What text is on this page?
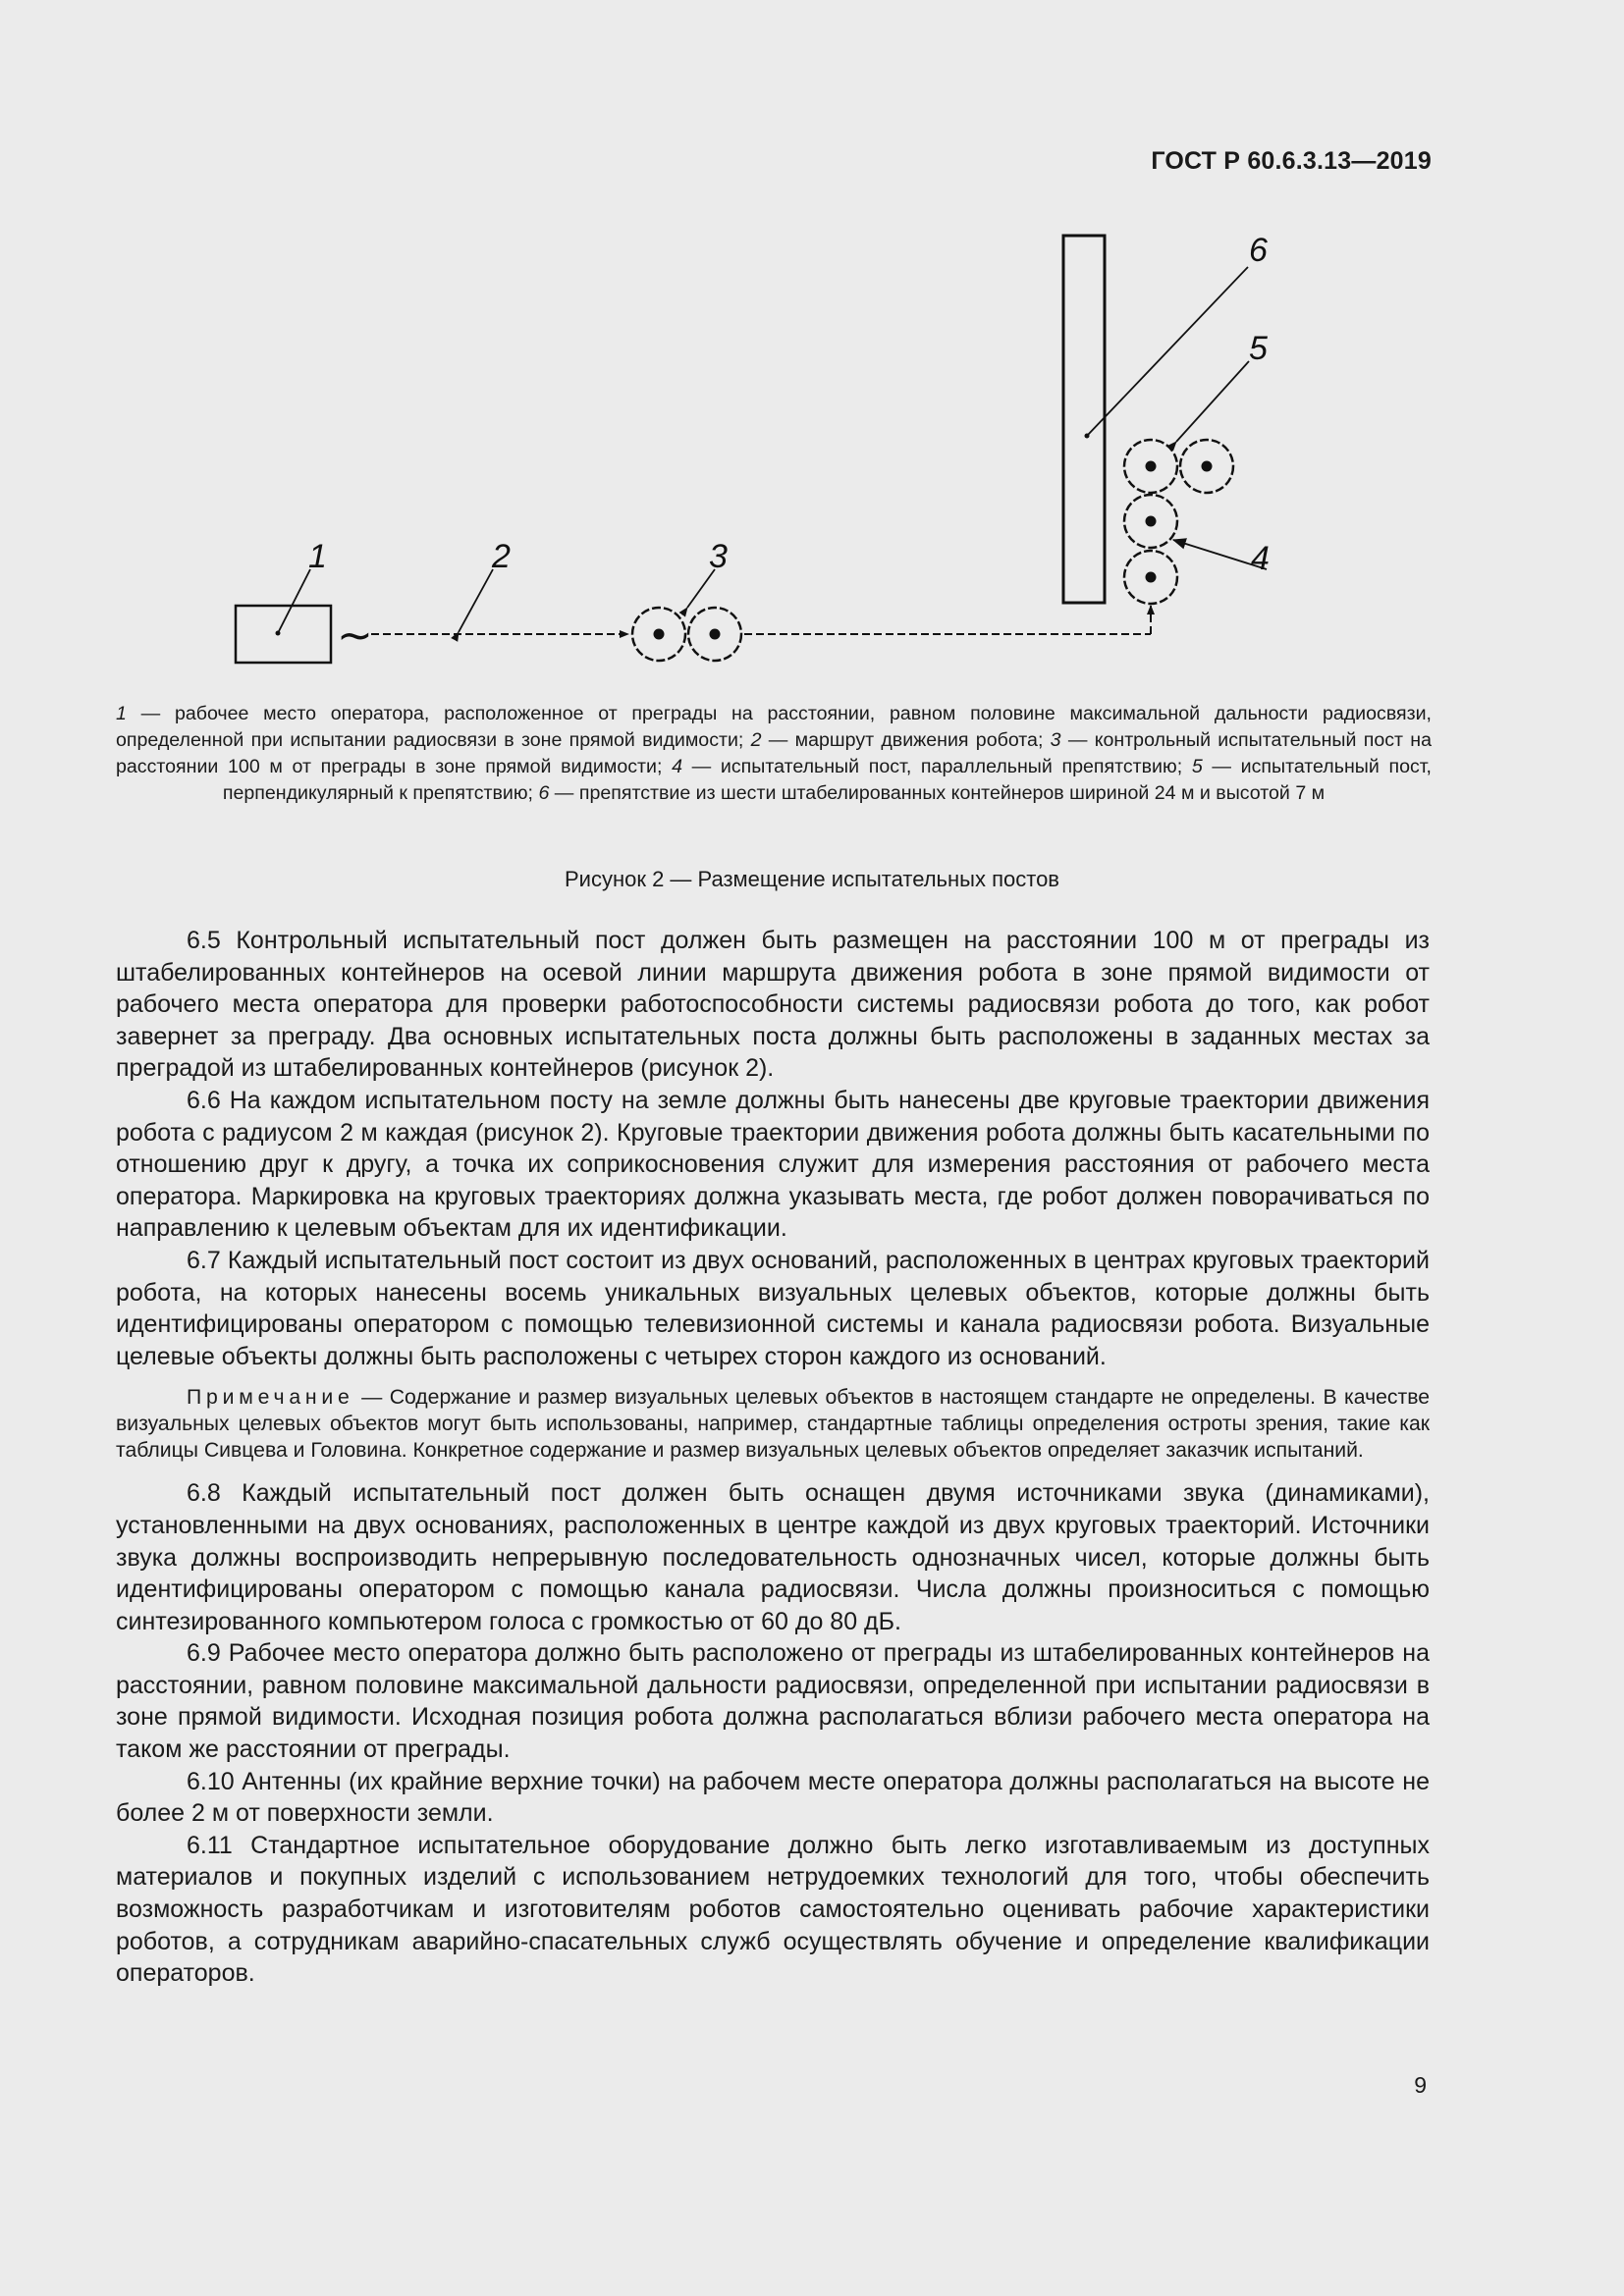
ГОСТ Р 60.6.3.13—2019
1
~
2	3
6
5
4
1 — рабочее место оператора, расположенное от преграды на расстоянии, равном половине максимальной дальности радиосвязи, определенной при испытании радиосвязи в зоне прямой видимости; 2 — маршрут движения робота; 3 — контрольный испытательный пост на расстоянии 100 м от преграды в зоне прямой видимости; 4 — испытательный пост, параллельный препятствию; 5 — испытательный пост, перпендикулярный к препятствию; 6 — препятствие из шести штабелированных контейнеров шириной 24 м и высотой 7 м
Рисунок 2 — Размещение испытательных постов

6.5 Контрольный испытательный пост должен быть размещен на расстоянии 100 м от преграды из штабелированных контейнеров на осевой линии маршрута движения робота в зоне прямой видимости от рабочего места оператора для проверки работоспособности системы радиосвязи робота до того, как робот завернет за преграду. Два основных испытательных поста должны быть расположены в заданных местах за преградой из штабелированных контейнеров (рисунок 2).

6.6 На каждом испытательном посту на земле должны быть нанесены две круговые траектории движения робота с радиусом 2 м каждая (рисунок 2). Круговые траектории движения робота должны быть касательными по отношению друг к другу, а точка их соприкосновения служит для измерения расстояния от рабочего места оператора. Маркировка на круговых траекториях должна указывать места, где робот должен поворачиваться по направлению к целевым объектам для их идентификации.

6.7 Каждый испытательный пост состоит из двух оснований, расположенных в центрах круговых траекторий робота, на которых нанесены восемь уникальных визуальных целевых объектов, которые должны быть идентифицированы оператором с помощью телевизионной системы и канала радиосвязи робота. Визуальные целевые объекты должны быть расположены с четырех сторон каждого из оснований.

Примечание — Содержание и размер визуальных целевых объектов в настоящем стандарте не определены. В качестве визуальных целевых объектов могут быть использованы, например, стандартные таблицы определения остроты зрения, такие как таблицы Сивцева и Головина. Конкретное содержание и размер визуальных целевых объектов определяет заказчик испытаний.

6.8 Каждый испытательный пост должен быть оснащен двумя источниками звука (динамиками), установленными на двух основаниях, расположенных в центре каждой из двух круговых траекторий. Источники звука должны воспроизводить непрерывную последовательность однозначных чисел, которые должны быть идентифицированы оператором с помощью канала радиосвязи. Числа должны произноситься с помощью синтезированного компьютером голоса с громкостью от 60 до 80 дБ.

6.9 Рабочее место оператора должно быть расположено от преграды из штабелированных контейнеров на расстоянии, равном половине максимальной дальности радиосвязи, определенной при испытании радиосвязи в зоне прямой видимости. Исходная позиция робота должна располагаться вблизи рабочего места оператора на таком же расстоянии от преграды.

6.10 Антенны (их крайние верхние точки) на рабочем месте оператора должны располагаться на высоте не более 2 м от поверхности земли.

6.11 Стандартное испытательное оборудование должно быть легко изготавливаемым из доступных материалов и покупных изделий с использованием нетрудоемких технологий для того, чтобы обеспечить возможность разработчикам и изготовителям роботов самостоятельно оценивать рабочие характеристики роботов, а сотрудникам аварийно-спасательных служб осуществлять обучение и определение квалификации операторов.

9
